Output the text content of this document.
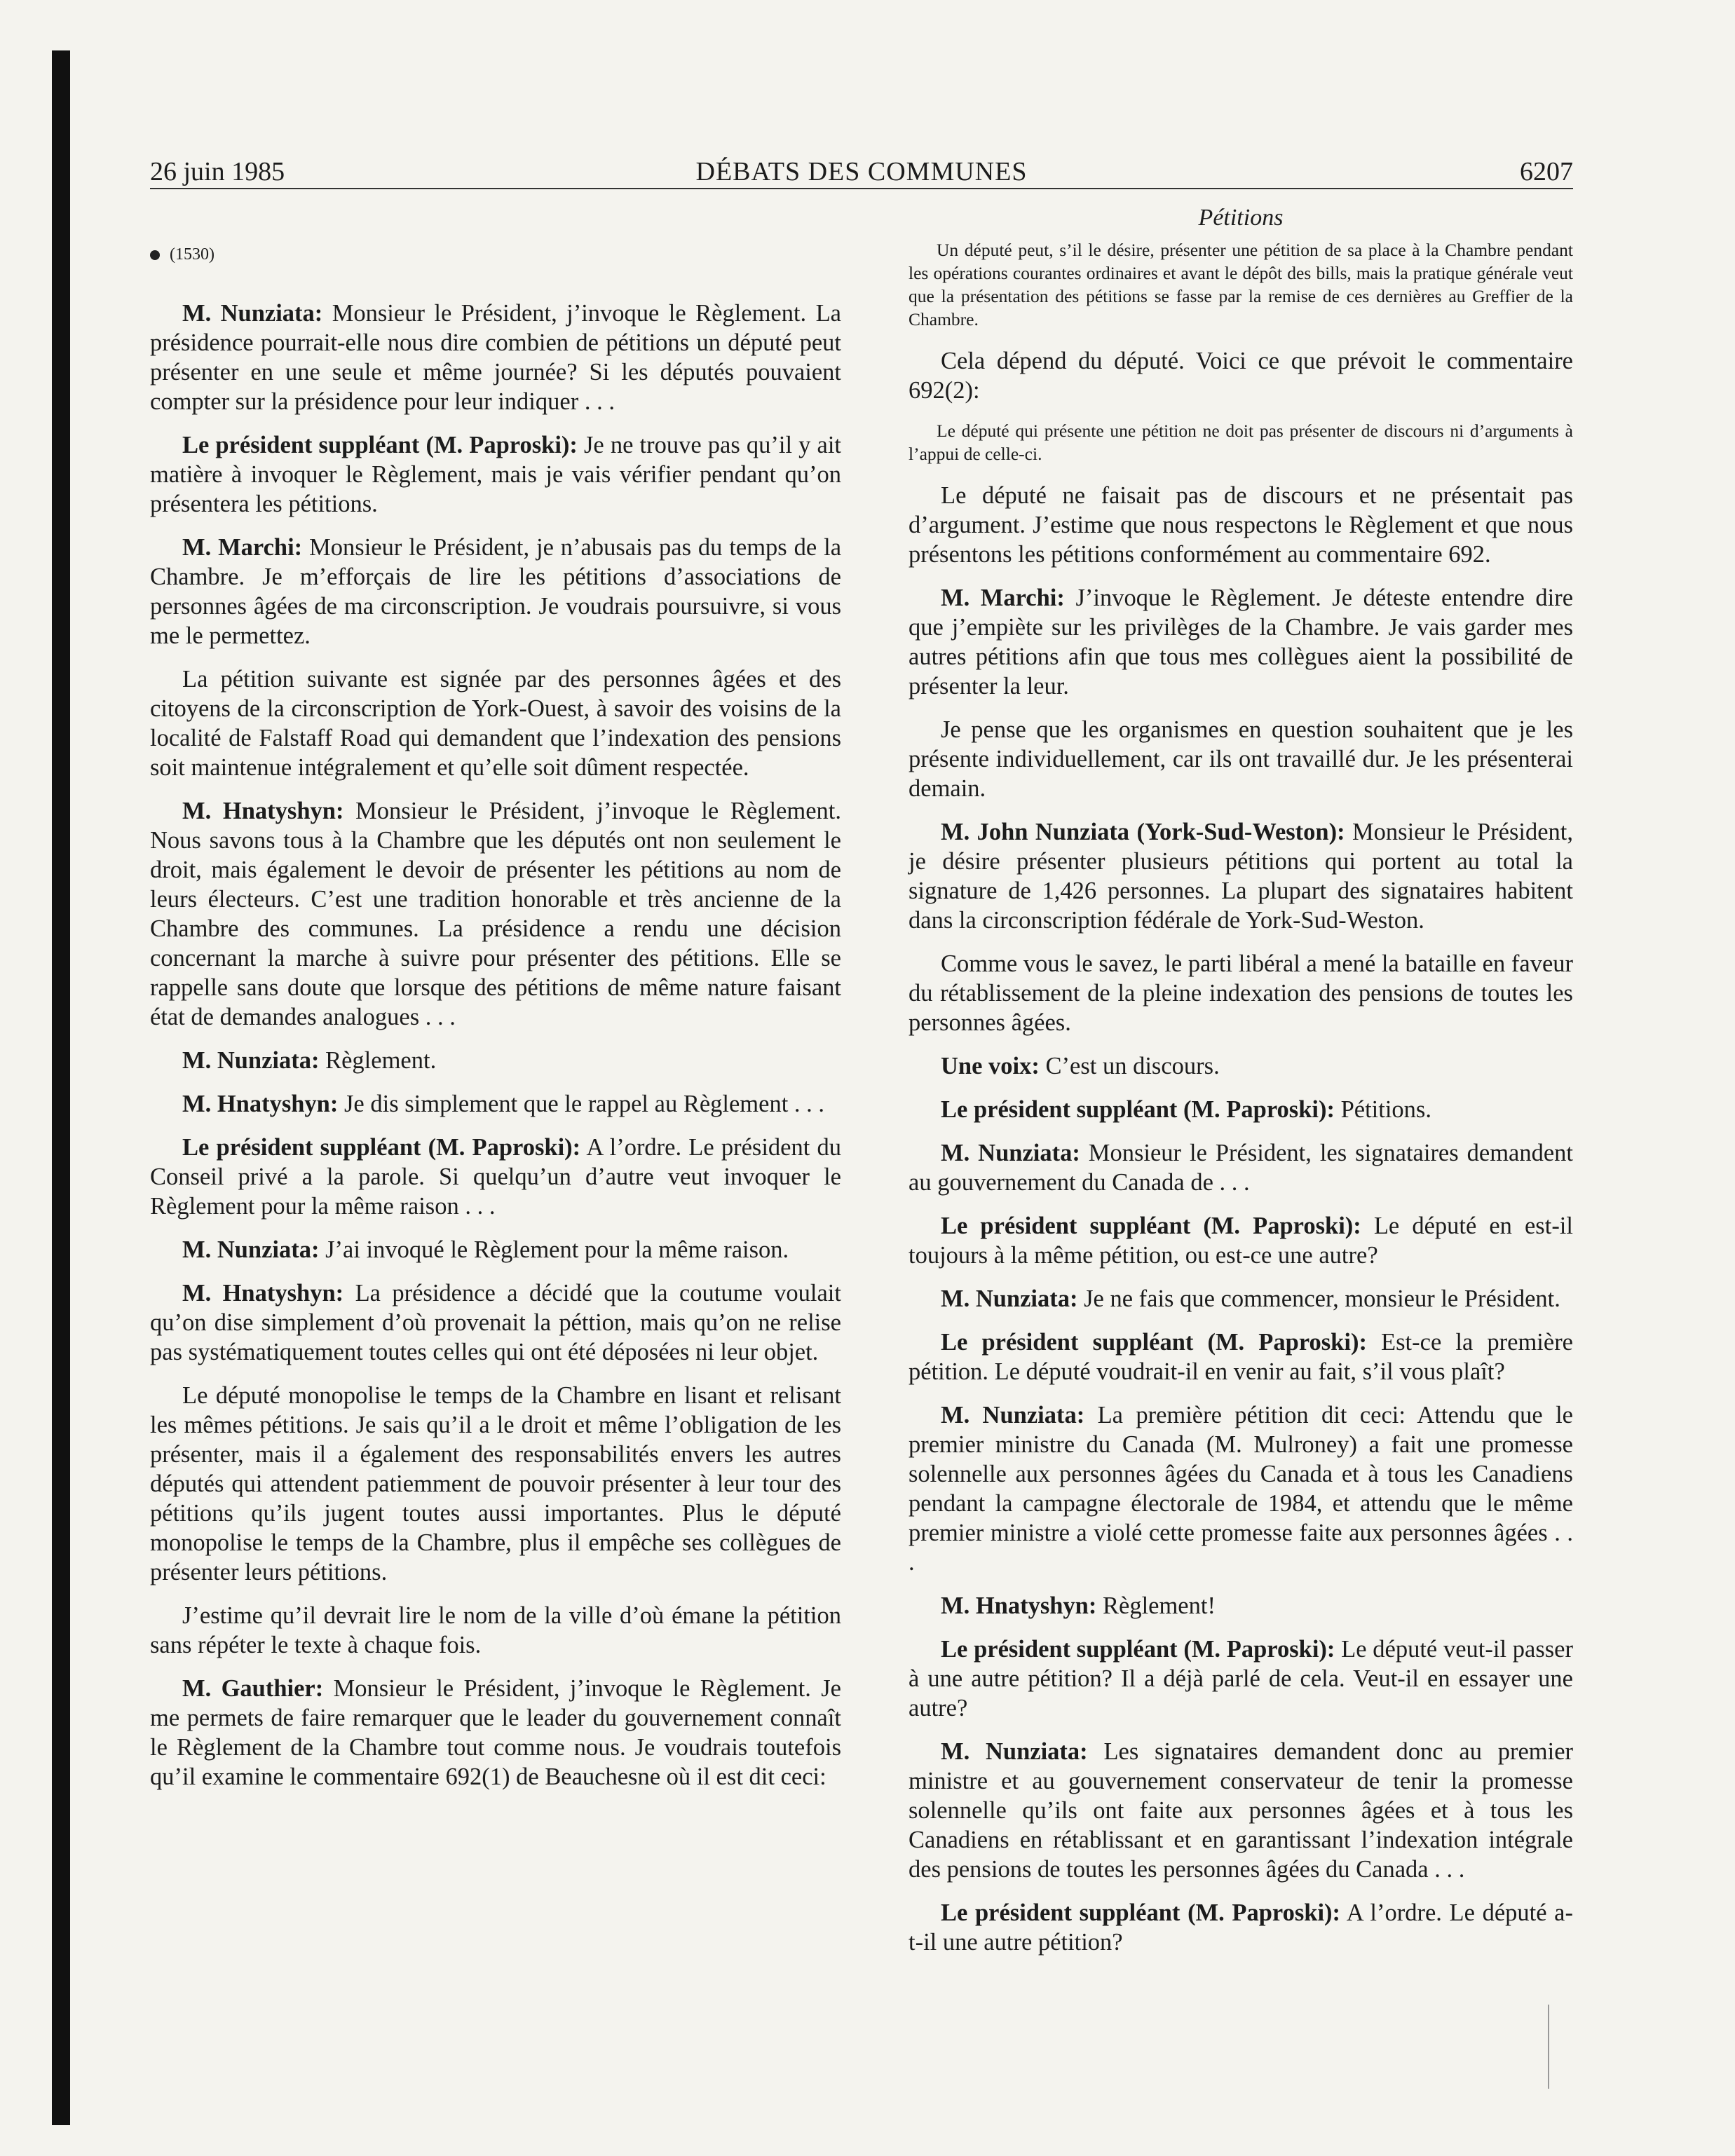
26 juin 1985	DÉBATS DES COMMUNES	6207
(1530)

M. Nunziata: Monsieur le Président, j’invoque le Règlement. La présidence pourrait-elle nous dire combien de pétitions un député peut présenter en une seule et même journée? Si les députés pouvaient compter sur la présidence pour leur indiquer . . .

Le président suppléant (M. Paproski): Je ne trouve pas qu’il y ait matière à invoquer le Règlement, mais je vais vérifier pendant qu’on présentera les pétitions.

M. Marchi: Monsieur le Président, je n’abusais pas du temps de la Chambre. Je m’efforçais de lire les pétitions d’associations de personnes âgées de ma circonscription. Je voudrais poursuivre, si vous me le permettez.

La pétition suivante est signée par des personnes âgées et des citoyens de la circonscription de York-Ouest, à savoir des voisins de la localité de Falstaff Road qui demandent que l’indexation des pensions soit maintenue intégralement et qu’elle soit dûment respectée.

M. Hnatyshyn: Monsieur le Président, j’invoque le Règlement. Nous savons tous à la Chambre que les députés ont non seulement le droit, mais également le devoir de présenter les pétitions au nom de leurs électeurs. C’est une tradition honorable et très ancienne de la Chambre des communes. La présidence a rendu une décision concernant la marche à suivre pour présenter des pétitions. Elle se rappelle sans doute que lorsque des pétitions de même nature faisant état de demandes analogues . . .

M. Nunziata: Règlement.

M. Hnatyshyn: Je dis simplement que le rappel au Règlement . . .

Le président suppléant (M. Paproski): A l’ordre. Le président du Conseil privé a la parole. Si quelqu’un d’autre veut invoquer le Règlement pour la même raison . . .

M. Nunziata: J’ai invoqué le Règlement pour la même raison.

M. Hnatyshyn: La présidence a décidé que la coutume voulait qu’on dise simplement d’où provenait la péttion, mais qu’on ne relise pas systématiquement toutes celles qui ont été déposées ni leur objet.

Le député monopolise le temps de la Chambre en lisant et relisant les mêmes pétitions. Je sais qu’il a le droit et même l’obligation de les présenter, mais il a également des responsabilités envers les autres députés qui attendent patiemment de pouvoir présenter à leur tour des pétitions qu’ils jugent toutes aussi importantes. Plus le député monopolise le temps de la Chambre, plus il empêche ses collègues de présenter leurs pétitions.

J’estime qu’il devrait lire le nom de la ville d’où émane la pétition sans répéter le texte à chaque fois.

M. Gauthier: Monsieur le Président, j’invoque le Règlement. Je me permets de faire remarquer que le leader du gouvernement connaît le Règlement de la Chambre tout comme nous. Je voudrais toutefois qu’il examine le commentaire 692(1) de Beauchesne où il est dit ceci:

Pétitions

Un député peut, s’il le désire, présenter une pétition de sa place à la Chambre pendant les opérations courantes ordinaires et avant le dépôt des bills, mais la pratique générale veut que la présentation des pétitions se fasse par la remise de ces dernières au Greffier de la Chambre.

Cela dépend du député. Voici ce que prévoit le commentaire 692(2):

Le député qui présente une pétition ne doit pas présenter de discours ni d’arguments à l’appui de celle-ci.

Le député ne faisait pas de discours et ne présentait pas d’argument. J’estime que nous respectons le Règlement et que nous présentons les pétitions conformément au commentaire 692.

M. Marchi: J’invoque le Règlement. Je déteste entendre dire que j’empiète sur les privilèges de la Chambre. Je vais garder mes autres pétitions afin que tous mes collègues aient la possibilité de présenter la leur.

Je pense que les organismes en question souhaitent que je les présente individuellement, car ils ont travaillé dur. Je les présenterai demain.

M. John Nunziata (York-Sud-Weston): Monsieur le Président, je désire présenter plusieurs pétitions qui portent au total la signature de 1,426 personnes. La plupart des signataires habitent dans la circonscription fédérale de York-Sud-Weston.

Comme vous le savez, le parti libéral a mené la bataille en faveur du rétablissement de la pleine indexation des pensions de toutes les personnes âgées.

Une voix: C’est un discours.

Le président suppléant (M. Paproski): Pétitions.

M. Nunziata: Monsieur le Président, les signataires demandent au gouvernement du Canada de . . .

Le président suppléant (M. Paproski): Le député en est-il toujours à la même pétition, ou est-ce une autre?

M. Nunziata: Je ne fais que commencer, monsieur le Président.

Le président suppléant (M. Paproski): Est-ce la première pétition. Le député voudrait-il en venir au fait, s’il vous plaît?

M. Nunziata: La première pétition dit ceci: Attendu que le premier ministre du Canada (M. Mulroney) a fait une promesse solennelle aux personnes âgées du Canada et à tous les Canadiens pendant la campagne électorale de 1984, et attendu que le même premier ministre a violé cette promesse faite aux personnes âgées . . .

M. Hnatyshyn: Règlement!

Le président suppléant (M. Paproski): Le député veut-il passer à une autre pétition? Il a déjà parlé de cela. Veut-il en essayer une autre?

M. Nunziata: Les signataires demandent donc au premier ministre et au gouvernement conservateur de tenir la promesse solennelle qu’ils ont faite aux personnes âgées et à tous les Canadiens en rétablissant et en garantissant l’indexation intégrale des pensions de toutes les personnes âgées du Canada . . .

Le président suppléant (M. Paproski): A l’ordre. Le député a-t-il une autre pétition?
